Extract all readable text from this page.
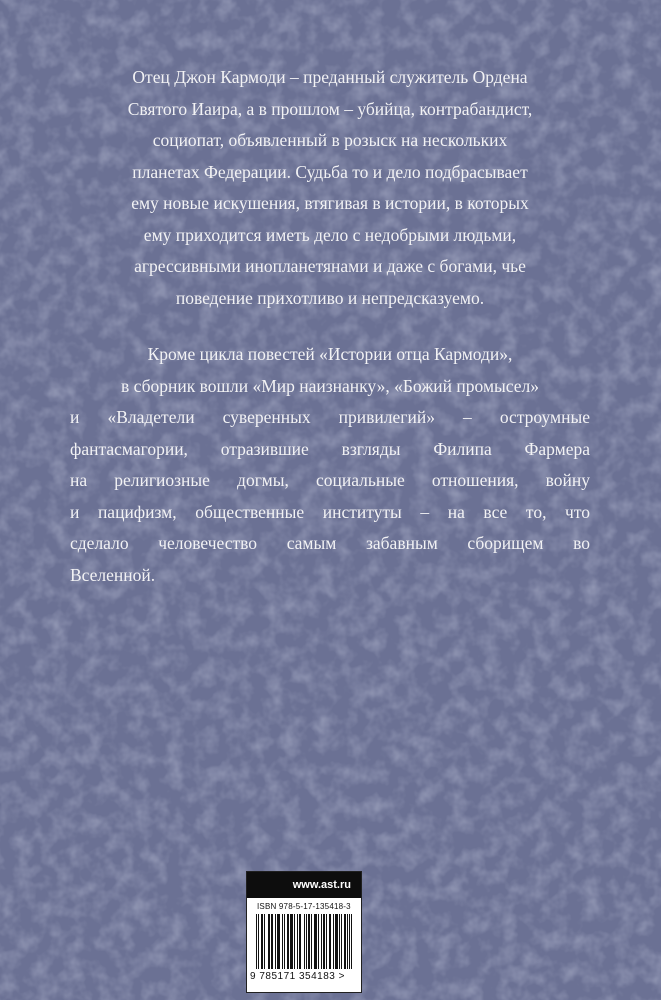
Отец Джон Кармоди – преданный служитель Ордена
Святого Иаира, а в прошлом – убийца, контрабандист,
социопат, объявленный в розыск на нескольких
планетах Федерации. Судьба то и дело подбрасывает
ему новые искушения, втягивая в истории, в которых
ему приходится иметь дело с недобрыми людьми,
агрессивными инопланетянами и даже с богами, чье
поведение прихотливо и непредсказуемо.
Кроме цикла повестей «Истории отца Кармоди»,
в сборник вошли «Мир наизнанку», «Божий промысел»
и «Владетели суверенных привилегий» – остроумные
фантасмагории, отразившие взгляды Филипа Фармера
на религиозные догмы, социальные отношения, войну
и пацифизм, общественные институты – на все то, что
сделало человечество самым забавным сборищем во
Вселенной.
www.ast.ru
ISBN 978-5-17-135418-3
9 785171 354183 >
